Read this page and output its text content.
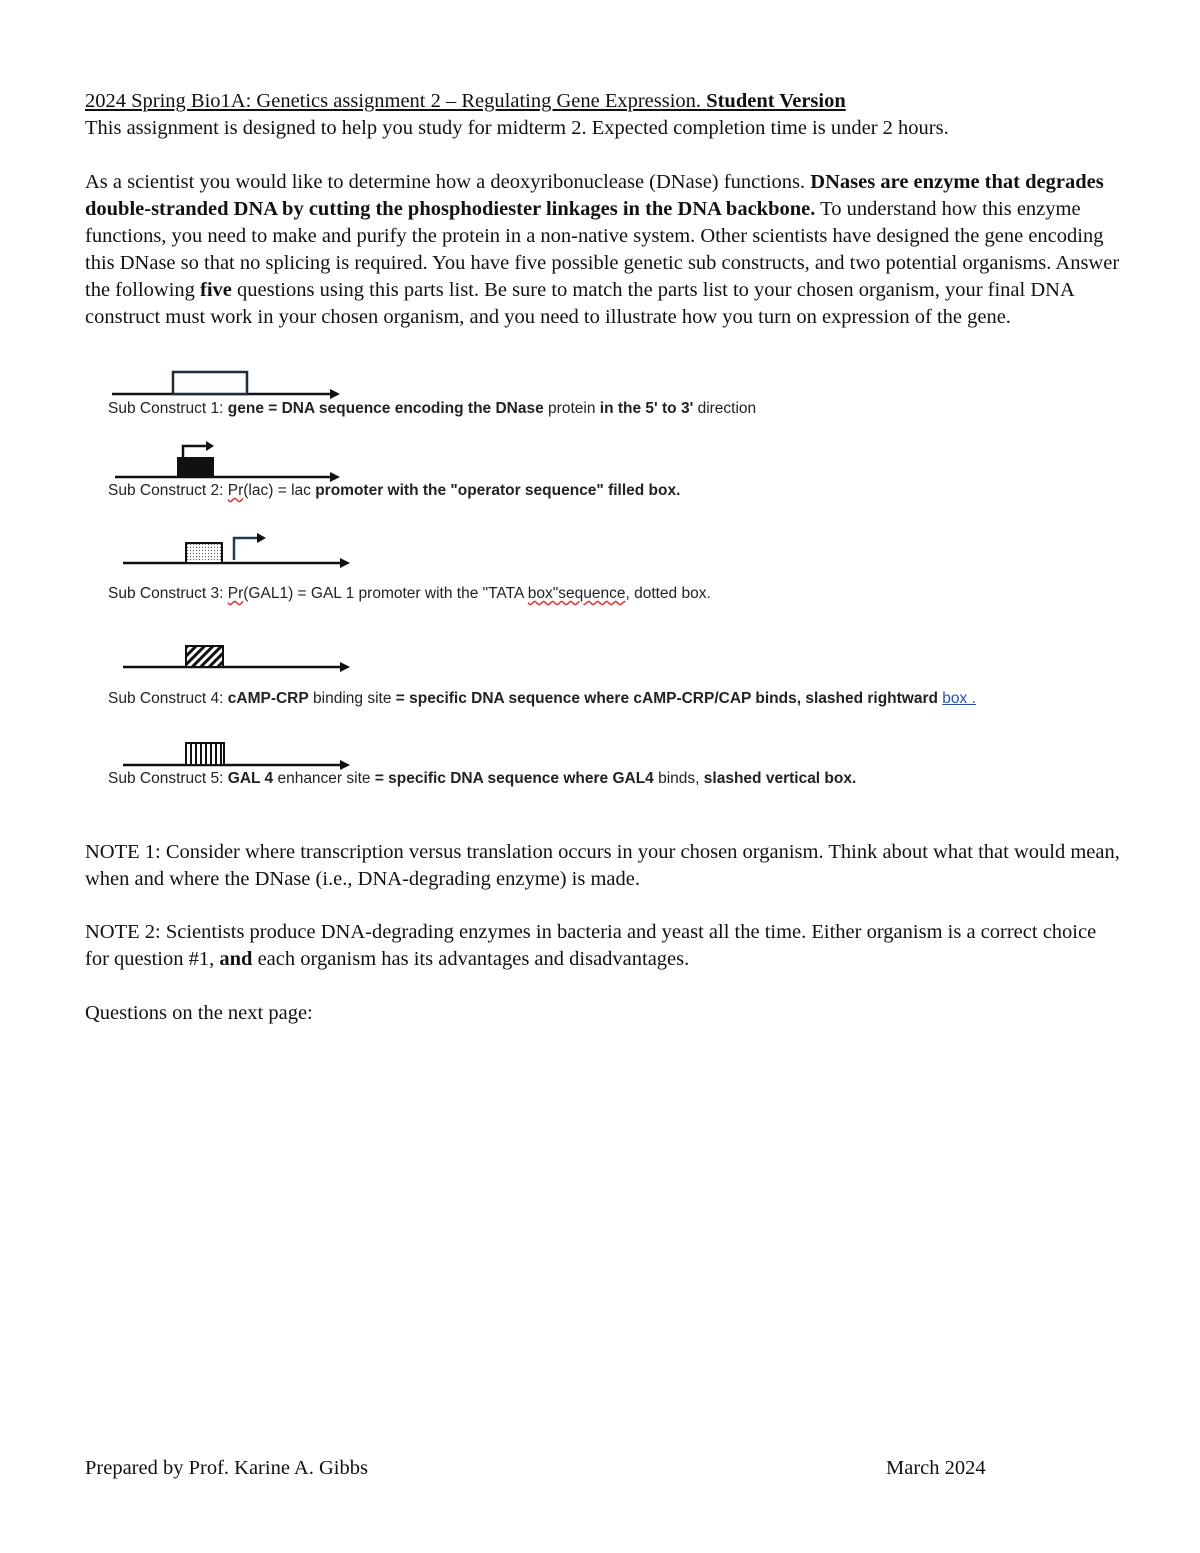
2024 Spring Bio1A: Genetics assignment 2 – Regulating Gene Expression. Student Version
This assignment is designed to help you study for midterm 2. Expected completion time is under 2 hours.
As a scientist you would like to determine how a deoxyribonuclease (DNase) functions. DNases are enzyme that degrades double-stranded DNA by cutting the phosphodiester linkages in the DNA backbone. To understand how this enzyme functions, you need to make and purify the protein in a non-native system. Other scientists have designed the gene encoding this DNase so that no splicing is required. You have five possible genetic sub constructs, and two potential organisms. Answer the following five questions using this parts list. Be sure to match the parts list to your chosen organism, your final DNA construct must work in your chosen organism, and you need to illustrate how you turn on expression of the gene.
Sub Construct 1: gene = DNA sequence encoding the DNase protein in the 5' to 3' direction
Sub Construct 2: Pr(lac) = lac promoter with the "operator sequence" filled box.
Sub Construct 3: Pr(GAL1) = GAL 1 promoter with the "TATA box"sequence, dotted box.
Sub Construct 4: cAMP-CRP binding site = specific DNA sequence where cAMP-CRP/CAP binds, slashed rightward box .
Sub Construct 5: GAL 4 enhancer site = specific DNA sequence where GAL4 binds, slashed vertical box.
NOTE 1: Consider where transcription versus translation occurs in your chosen organism. Think about what that would mean, when and where the DNase (i.e., DNA-degrading enzyme) is made.
NOTE 2: Scientists produce DNA-degrading enzymes in bacteria and yeast all the time. Either organism is a correct choice for question #1, and each organism has its advantages and disadvantages.
Questions on the next page:
Prepared by Prof. Karine A. Gibbs	March 2024
